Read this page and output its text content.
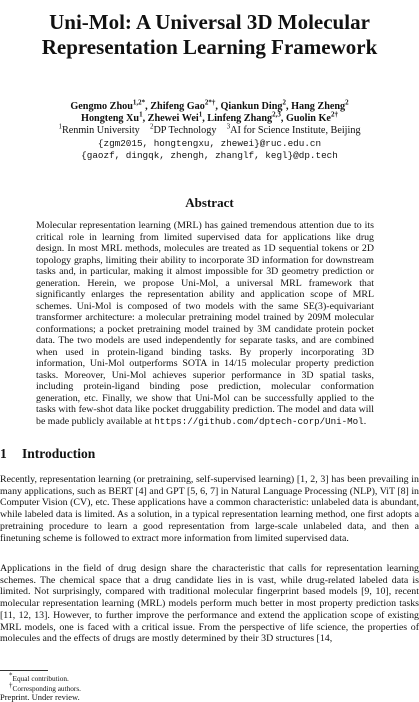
Uni-Mol: A Universal 3D Molecular Representation Learning Framework
Gengmo Zhou$^{1,2*}$, Zhifeng Gao$^{2*\dagger}$, Qiankun Ding$^2$, Hang Zheng$^2$
Hongteng Xu$^1$, Zhewei Wei$^1$, Linfeng Zhang$^{2,3}$, Guolin $Ke^{2\dagger}$
$^1$Renmin University $^2$DP Technology $^3$AI for Science Institute, Beijing
{zgm2015, hongtengxu, zhewei}@ruc.edu.cn
{gaozf, dingqk, zhengh, zhanglf, kegl}@dp.tech
Abstract
Molecular representation learning (MRL) has gained tremendous attention due to its critical role in learning from limited supervised data for applications like drug design. In most MRL methods, molecules are treated as 1D sequential tokens or 2D topology graphs, limiting their ability to incorporate 3D information for downstream tasks and, in particular, making it almost impossible for 3D geometry prediction or generation. Herein, we propose Uni-Mol, a universal MRL framework that significantly enlarges the representation ability and application scope of MRL schemes. Uni-Mol is composed of two models with the same SE(3)-equivariant transformer architecture: a molecular pretraining model trained by 209M molecular conformations; a pocket pretraining model trained by 3M candidate protein pocket data. The two models are used independently for separate tasks, and are combined when used in protein-ligand binding tasks. By properly incorporating 3D information, Uni-Mol outperforms SOTA in 14/15 molecular property prediction tasks. Moreover, Uni-Mol achieves superior performance in 3D spatial tasks, including protein-ligand binding pose prediction, molecular conformation generation, etc. Finally, we show that Uni-Mol can be successfully applied to the tasks with few-shot data like pocket druggability prediction. The model and data will be made publicly available at https://github.com/dptech-corp/Uni-Mol.
1 Introduction
Recently, representation learning (or pretraining, self-supervised learning) [1, 2, 3] has been prevailing in many applications, such as BERT [4] and GPT [5, 6, 7] in Natural Language Processing (NLP), ViT [8] in Computer Vision (CV), etc. These applications have a common characteristic: unlabeled data is abundant, while labeled data is limited. As a solution, in a typical representation learning method, one first adopts a pretraining procedure to learn a good representation from large-scale unlabeled data, and then a finetuning scheme is followed to extract more information from limited supervised data.
Applications in the field of drug design share the characteristic that calls for representation learning schemes. The chemical space that a drug candidate lies in is vast, while drug-related labeled data is limited. Not surprisingly, compared with traditional molecular fingerprint based models [9, 10], recent molecular representation learning (MRL) models perform much better in most property prediction tasks [11, 12, 13]. However, to further improve the performance and extend the application scope of existing MRL models, one is faced with a critical issue. From the perspective of life science, the properties of molecules and the effects of drugs are mostly determined by their 3D structures [14,
*Equal contribution.
†Corresponding authors.
Preprint. Under review.
